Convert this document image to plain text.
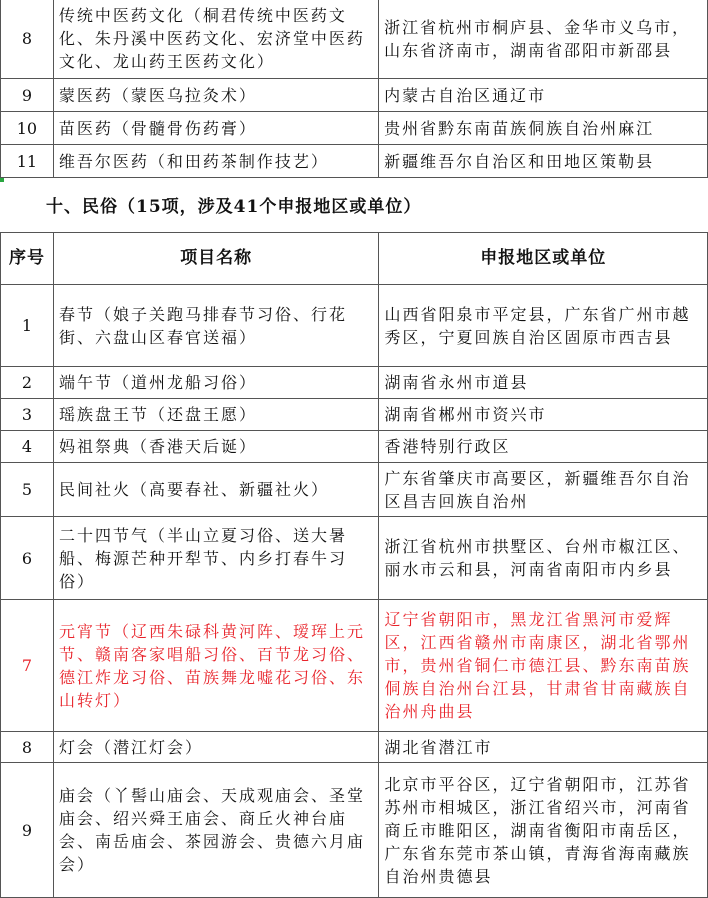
8	传统中医药文化（桐君传统中医药文化、朱丹溪中医药文化、宏济堂中医药文化、龙山药王医药文化）	浙江省杭州市桐庐县、金华市义乌市，山东省济南市，湖南省邵阳市新邵县
9	蒙医药（蒙医乌拉灸术）	内蒙古自治区通辽市
10	苗医药（骨髓骨伤药膏）	贵州省黔东南苗族侗族自治州麻江
11	维吾尔医药（和田药茶制作技艺）	新疆维吾尔自治区和田地区策勒县
十、民俗（15项，涉及41个申报地区或单位）
序号	项目名称	申报地区或单位
1	春节（娘子关跑马排春节习俗、行花街、六盘山区春官送福）	山西省阳泉市平定县，广东省广州市越秀区，宁夏回族自治区固原市西吉县
2	端午节（道州龙船习俗）	湖南省永州市道县
3	瑶族盘王节（还盘王愿）	湖南省郴州市资兴市
4	妈祖祭典（香港天后诞）	香港特别行政区
5	民间社火（高要春社、新疆社火）	广东省肇庆市高要区，新疆维吾尔自治区昌吉回族自治州
6	二十四节气（半山立夏习俗、送大暑船、梅源芒种开犁节、内乡打春牛习俗）	浙江省杭州市拱墅区、台州市椒江区、丽水市云和县，河南省南阳市内乡县
7	元宵节（辽西朱碌科黄河阵、瑷珲上元节、赣南客家唱船习俗、百节龙习俗、德江炸龙习俗、苗族舞龙嘘花习俗、东山转灯）	辽宁省朝阳市，黑龙江省黑河市爱辉区，江西省赣州市南康区，湖北省鄂州市，贵州省铜仁市德江县、黔东南苗族侗族自治州台江县，甘肃省甘南藏族自治州舟曲县
8	灯会（潜江灯会）	湖北省潜江市
9	庙会（丫髻山庙会、天成观庙会、圣堂庙会、绍兴舜王庙会、商丘火神台庙会、南岳庙会、茶园游会、贵德六月庙会）	北京市平谷区，辽宁省朝阳市，江苏省苏州市相城区，浙江省绍兴市，河南省商丘市睢阳区，湖南省衡阳市南岳区，广东省东莞市茶山镇，青海省海南藏族自治州贵德县
